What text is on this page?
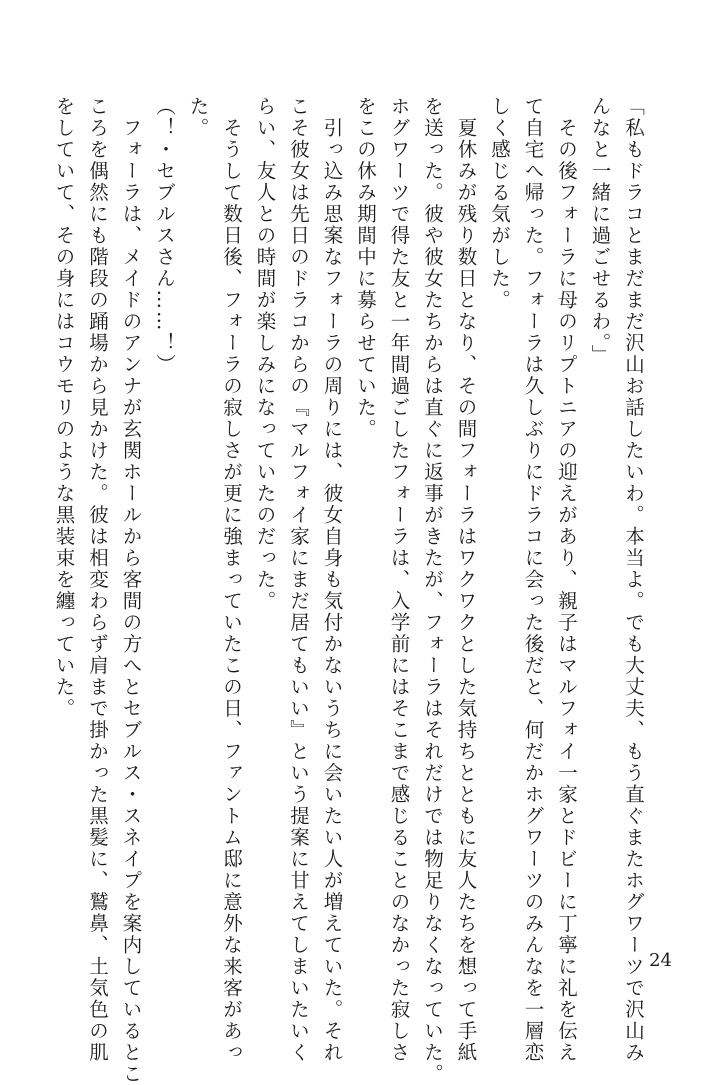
「私もドラコとまだまだ沢山お話したいわ。本当よ。でも大丈夫、もう直ぐまたホグワーツで沢山み
んなと一緒に過ごせるわ。」
　その後フォーラに母のリプトニアの迎えがあり、親子はマルフォイ一家とドビーに丁寧に礼を伝え
て自宅へ帰った。フォーラは久しぶりにドラコに会った後だと、何だかホグワーツのみんなを一層恋
しく感じる気がした。
　夏休みが残り数日となり、その間フォーラはワクワクとした気持ちとともに友人たちを想って手紙
を送った。彼や彼女たちからは直ぐに返事がきたが、フォーラはそれだけでは物足りなくなっていた。
ホグワーツで得た友と一年間過ごしたフォーラは、入学前にはそこまで感じることのなかった寂しさ
をこの休み期間中に募らせていた。
　引っ込み思案なフォーラの周りには、彼女自身も気付かないうちに会いたい人が増えていた。それ
こそ彼女は先日のドラコからの『マルフォイ家にまだ居てもいい』という提案に甘えてしまいたいく
らい、友人との時間が楽しみになっていたのだった。
　そうして数日後、フォーラの寂しさが更に強まっていたこの日、ファントム邸に意外な来客があっ
た。
（！・セブルスさん……！）
　フォーラは、メイドのアンナが玄関ホールから客間の方へとセブルス・スネイプを案内しているとこ
ころを偶然にも階段の踊場から見かけた。彼は相変わらず肩まで掛かった黒髪に、鷲鼻、土気色の肌
をしていて、その身にはコウモリのような黒装束を纏っていた。
24
